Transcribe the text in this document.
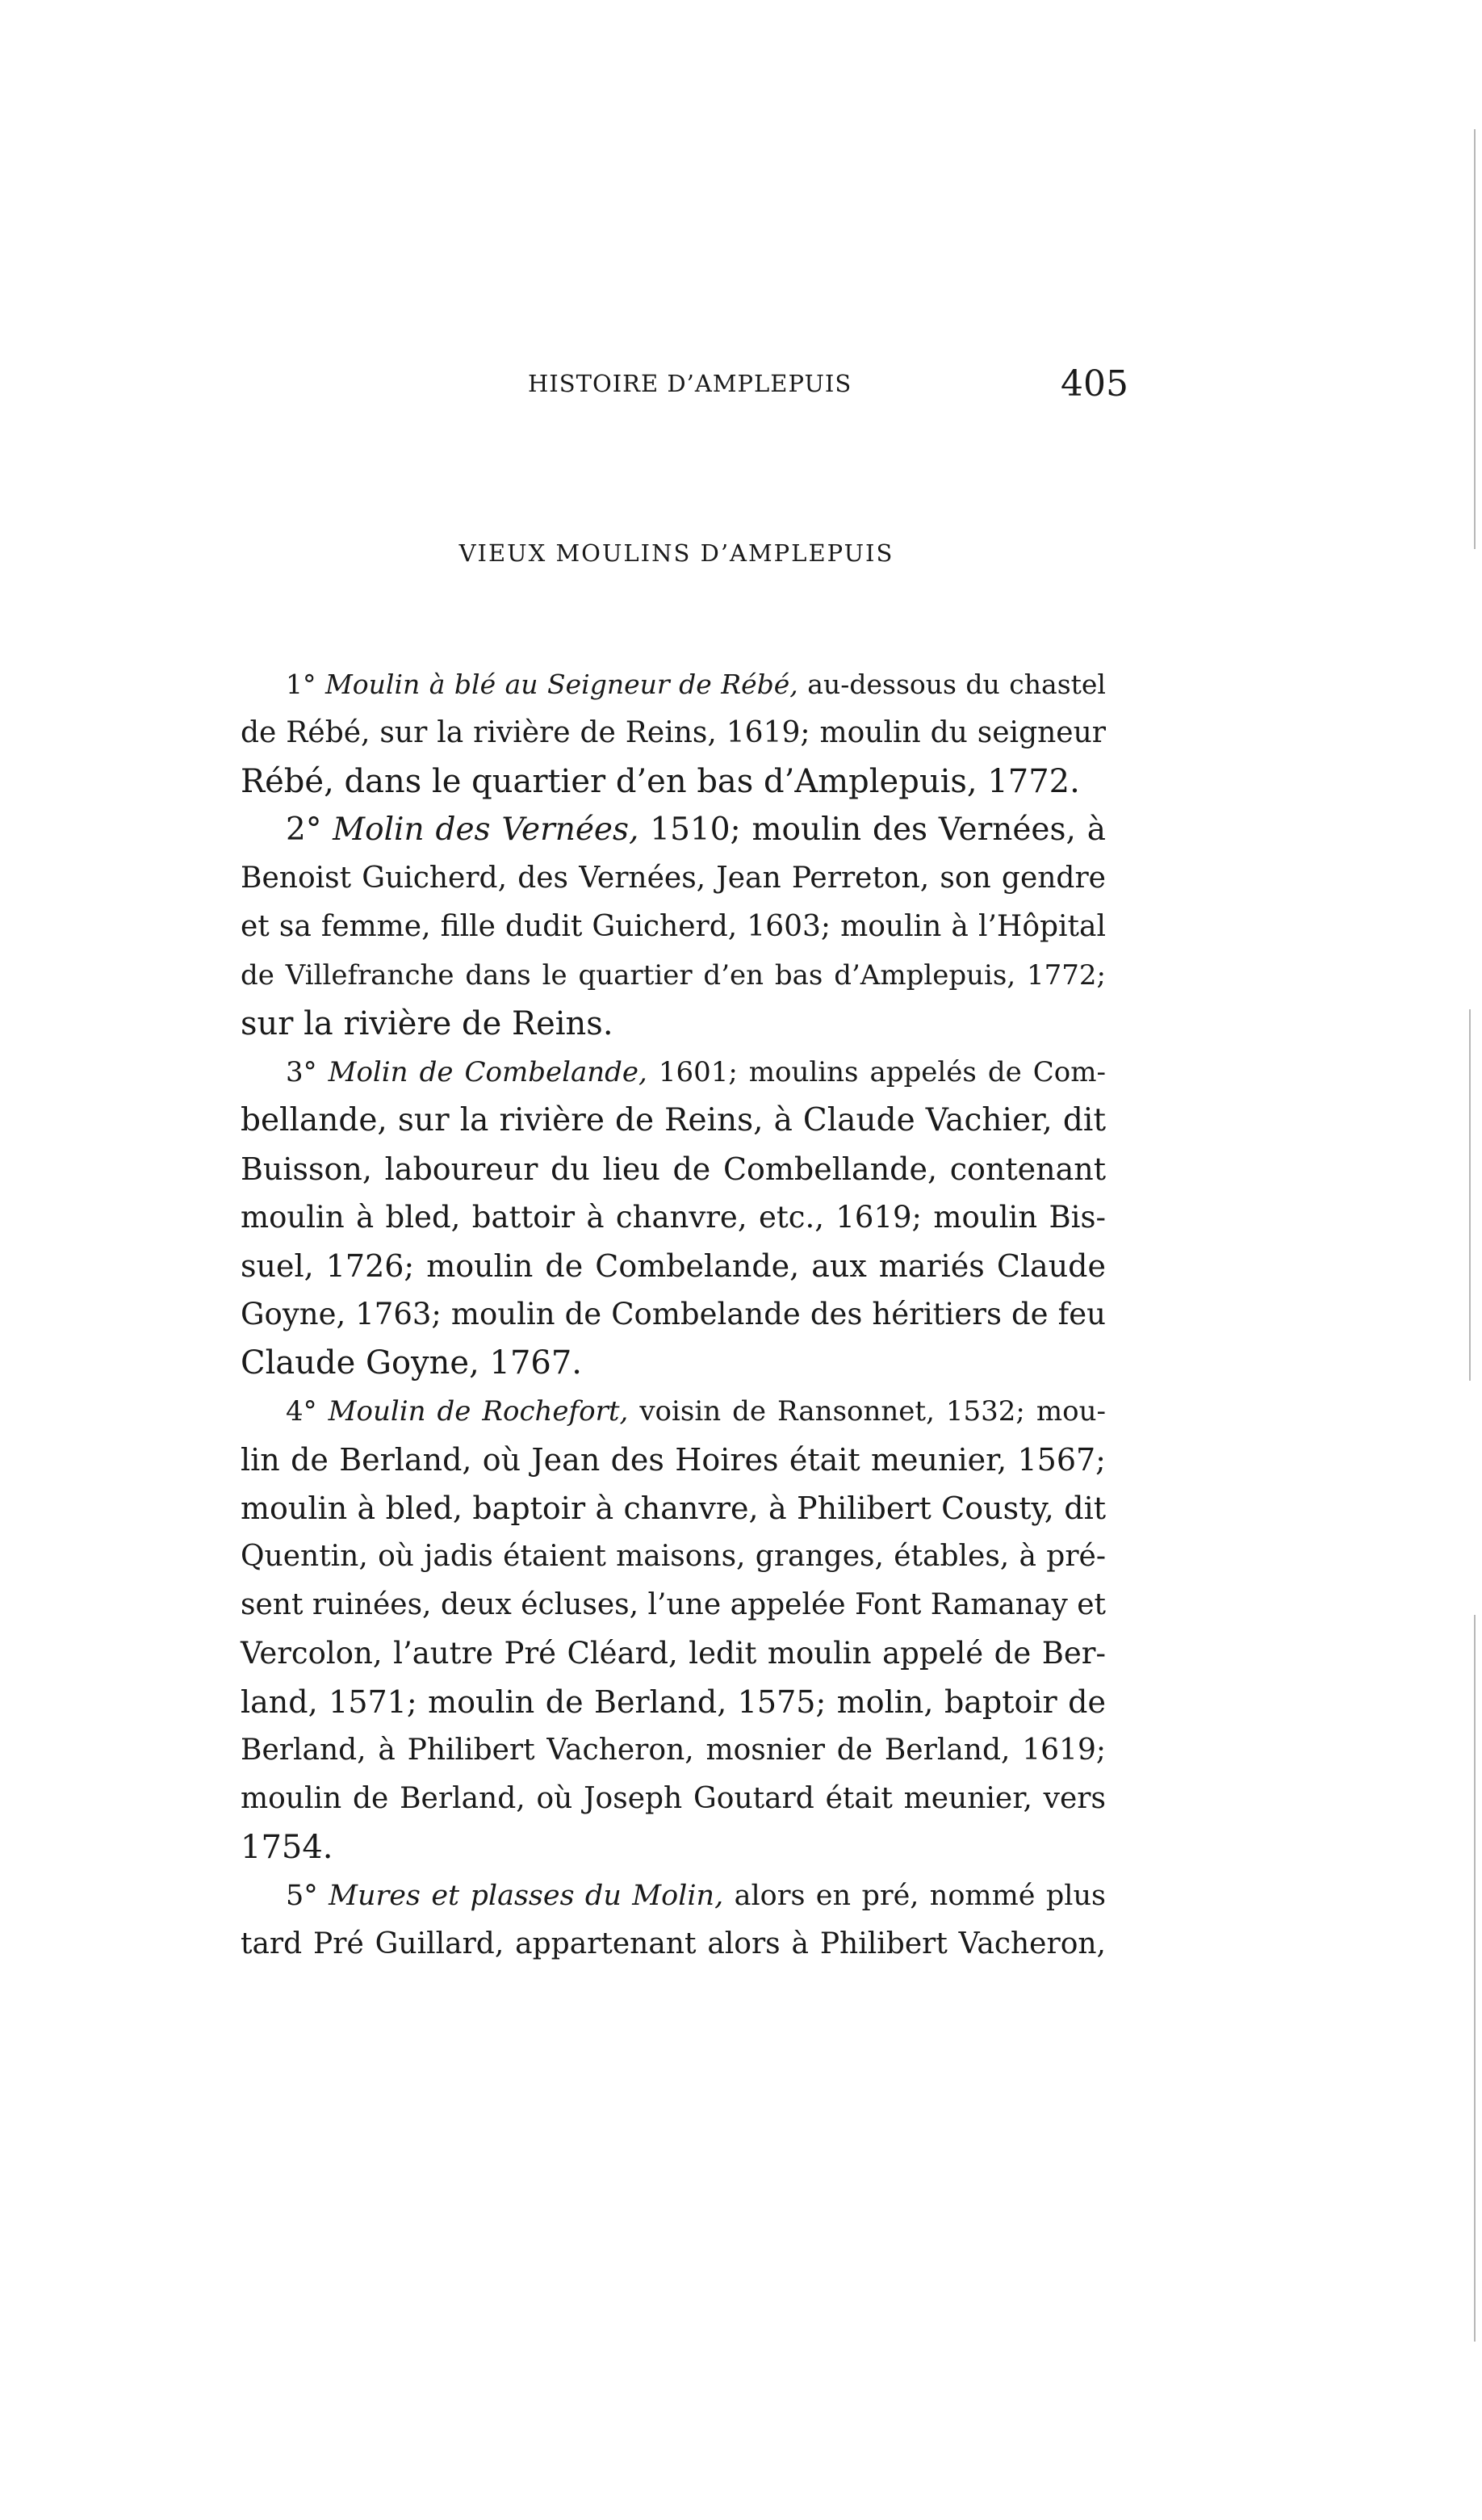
HISTOIRE D’AMPLEPUIS	405
VIEUX MOULINS D’AMPLEPUIS
1° Moulin à blé au Seigneur de Rébé, au-dessous du chastel
de Rébé, sur la rivière de Reins, 1619; moulin du seigneur
Rébé, dans le quartier d’en bas d’Amplepuis, 1772.
2° Molin des Vernées, 1510; moulin des Vernées, à
Benoist Guicherd, des Vernées, Jean Perreton, son gendre
et sa femme, fille dudit Guicherd, 1603; moulin à l’Hôpital
de Villefranche dans le quartier d’en bas d’Amplepuis, 1772;
sur la rivière de Reins.
3° Molin de Combelande, 1601; moulins appelés de Com-
bellande, sur la rivière de Reins, à Claude Vachier, dit
Buisson, laboureur du lieu de Combellande, contenant
moulin à bled, battoir à chanvre, etc., 1619; moulin Bis-
suel, 1726; moulin de Combelande, aux mariés Claude
Goyne, 1763; moulin de Combelande des héritiers de feu
Claude Goyne, 1767.
4° Moulin de Rochefort, voisin de Ransonnet, 1532; mou-
lin de Berland, où Jean des Hoires était meunier, 1567;
moulin à bled, baptoir à chanvre, à Philibert Cousty, dit
Quentin, où jadis étaient maisons, granges, étables, à pré-
sent ruinées, deux écluses, l’une appelée Font Ramanay et
Vercolon, l’autre Pré Cléard, ledit moulin appelé de Ber-
land, 1571; moulin de Berland, 1575; molin, baptoir de
Berland, à Philibert Vacheron, mosnier de Berland, 1619;
moulin de Berland, où Joseph Goutard était meunier, vers
1754.
5° Mures et plasses du Molin, alors en pré, nommé plus
tard Pré Guillard, appartenant alors à Philibert Vacheron,
